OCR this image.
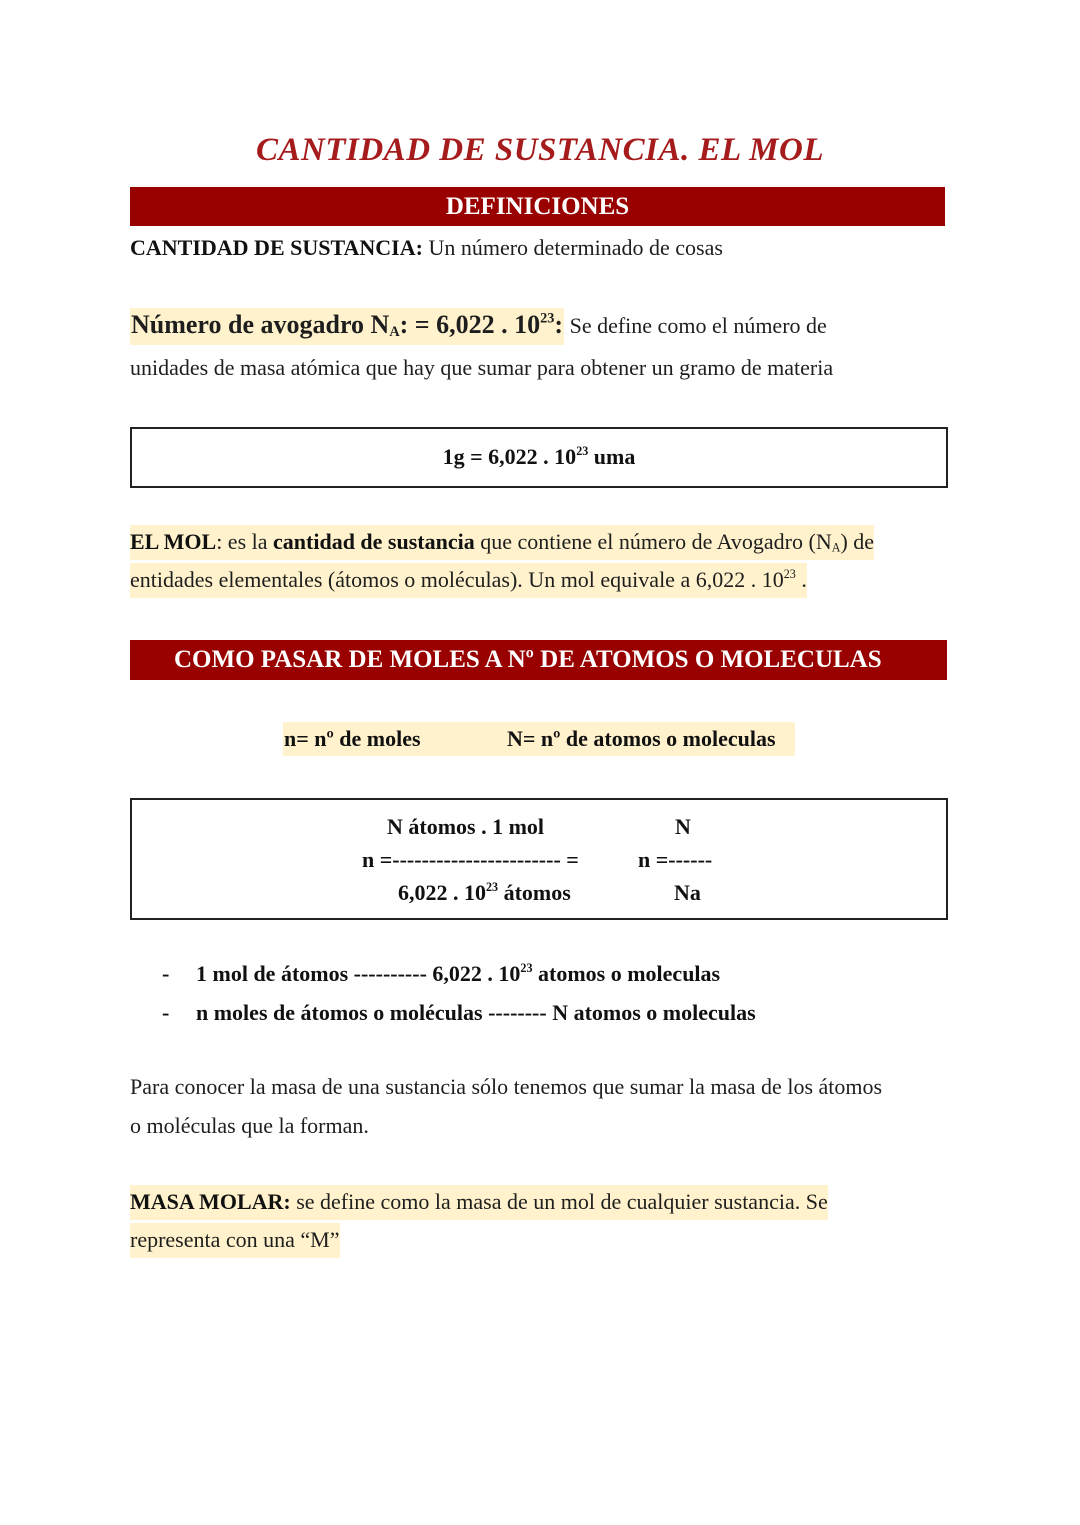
CANTIDAD DE SUSTANCIA. EL MOL
DEFINICIONES
CANTIDAD DE SUSTANCIA: Un número determinado de cosas
Número de avogadro $N_A$: = 6,022 . $10^{23}$: Se define como el número de
unidades de masa atómica que hay que sumar para obtener un gramo de materia
1g = 6,022 . $10^{23}$ uma
EL MOL: es la cantidad de sustancia que contiene el número de Avogadro $(N_A)$ de
entidades elementales (átomos o moléculas). Un mol equivale a 6,022 . $10^{23}$ .
COMO PASAR DE MOLES A Nº DE ATOMOS O MOLECULAS
n= nº de moles	N= nº de atomos o moleculas
N átomos . 1 mol
n =----------------------- =
6,022 . $10^{23}$ átomos
N
n =------
Na
- 1 mol de átomos ---------- 6,022 . $10^{23}$ atomos o moleculas
- n moles de átomos o moléculas -------- N atomos o moleculas
Para conocer la masa de una sustancia sólo tenemos que sumar la masa de los átomos
o moléculas que la forman.
MASA MOLAR: se define como la masa de un mol de cualquier sustancia. Se
representa con una “M”
